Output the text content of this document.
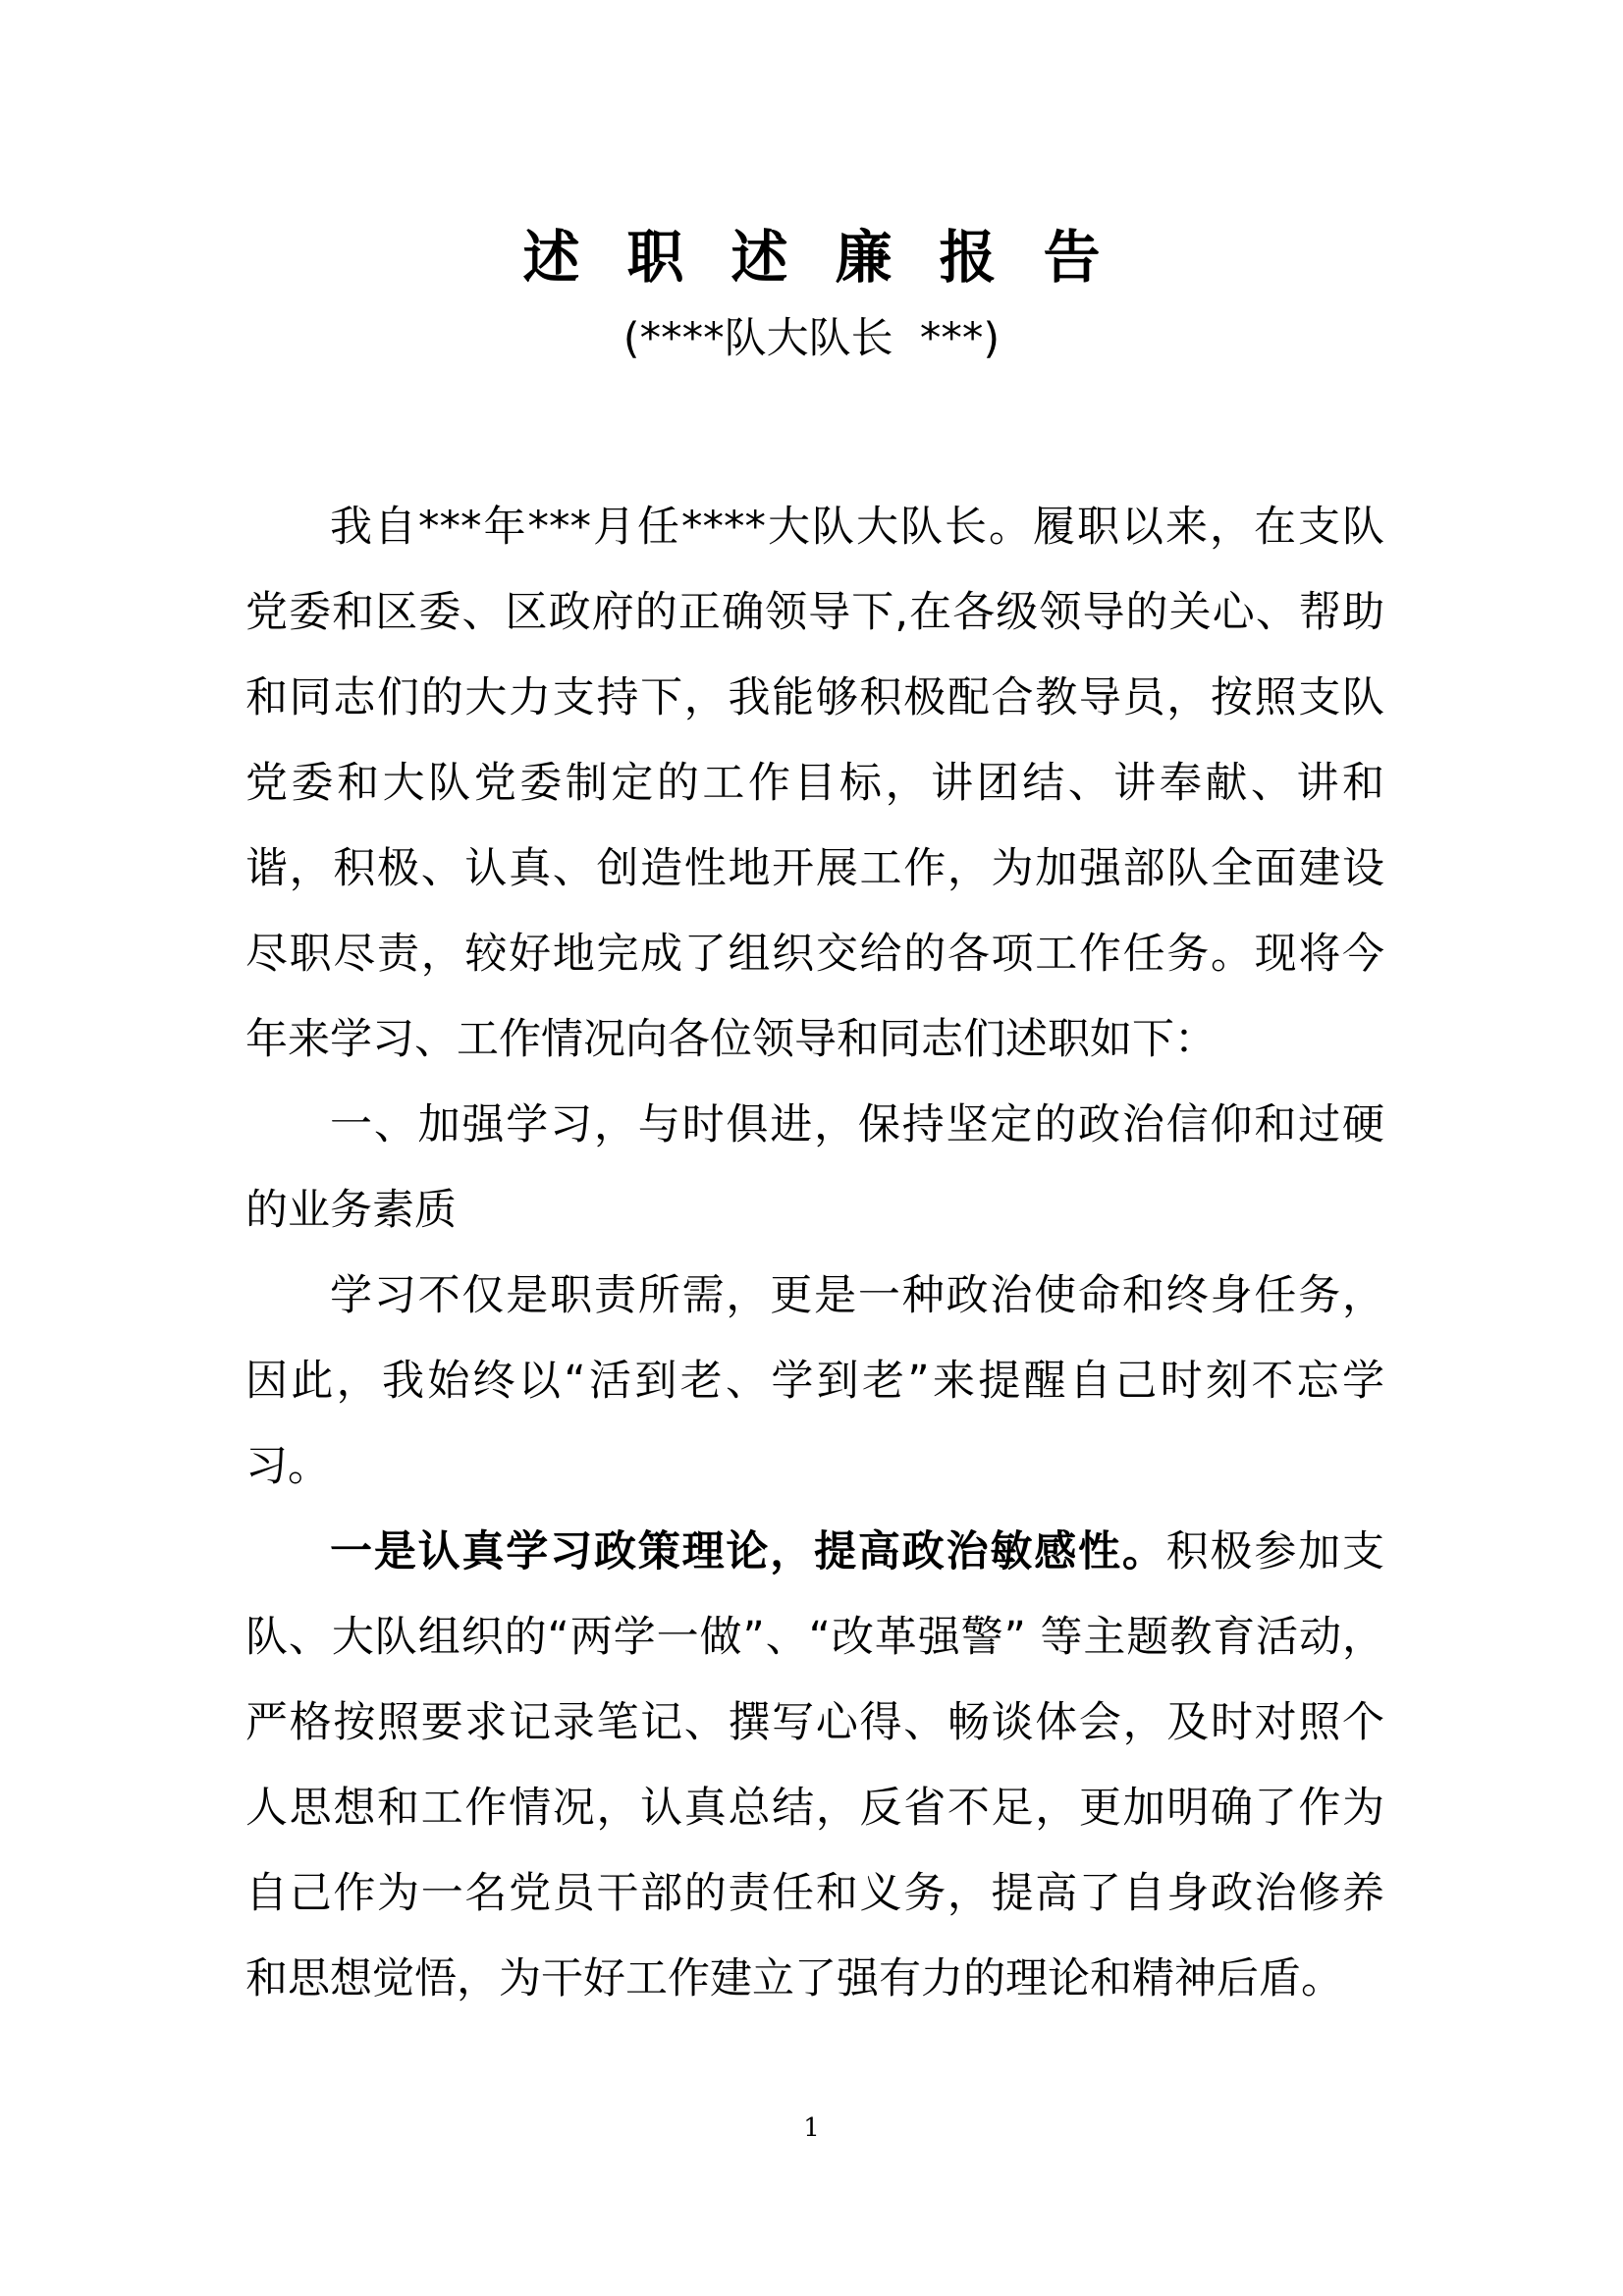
述职述廉报告
(****队大队长  ***)

我自***年***月任****大队大队长。履职以来，在支队党委和区委、区政府的正确领导下,在各级领导的关心、帮助和同志们的大力支持下，我能够积极配合教导员，按照支队党委和大队党委制定的工作目标，讲团结、讲奉献、讲和谐，积极、认真、创造性地开展工作，为加强部队全面建设尽职尽责，较好地完成了组织交给的各项工作任务。现将今年来学习、工作情况向各位领导和同志们述职如下：

一、加强学习，与时俱进，保持坚定的政治信仰和过硬的业务素质

学习不仅是职责所需，更是一种政治使命和终身任务，因此，我始终以“活到老、学到老”来提醒自己时刻不忘学习。

一是认真学习政策理论，提高政治敏感性。积极参加支队、大队组织的“两学一做”、“改革强警” 等主题教育活动，严格按照要求记录笔记、撰写心得、畅谈体会，及时对照个人思想和工作情况，认真总结，反省不足，更加明确了作为自己作为一名党员干部的责任和义务，提高了自身政治修养和思想觉悟，为干好工作建立了强有力的理论和精神后盾。

1
